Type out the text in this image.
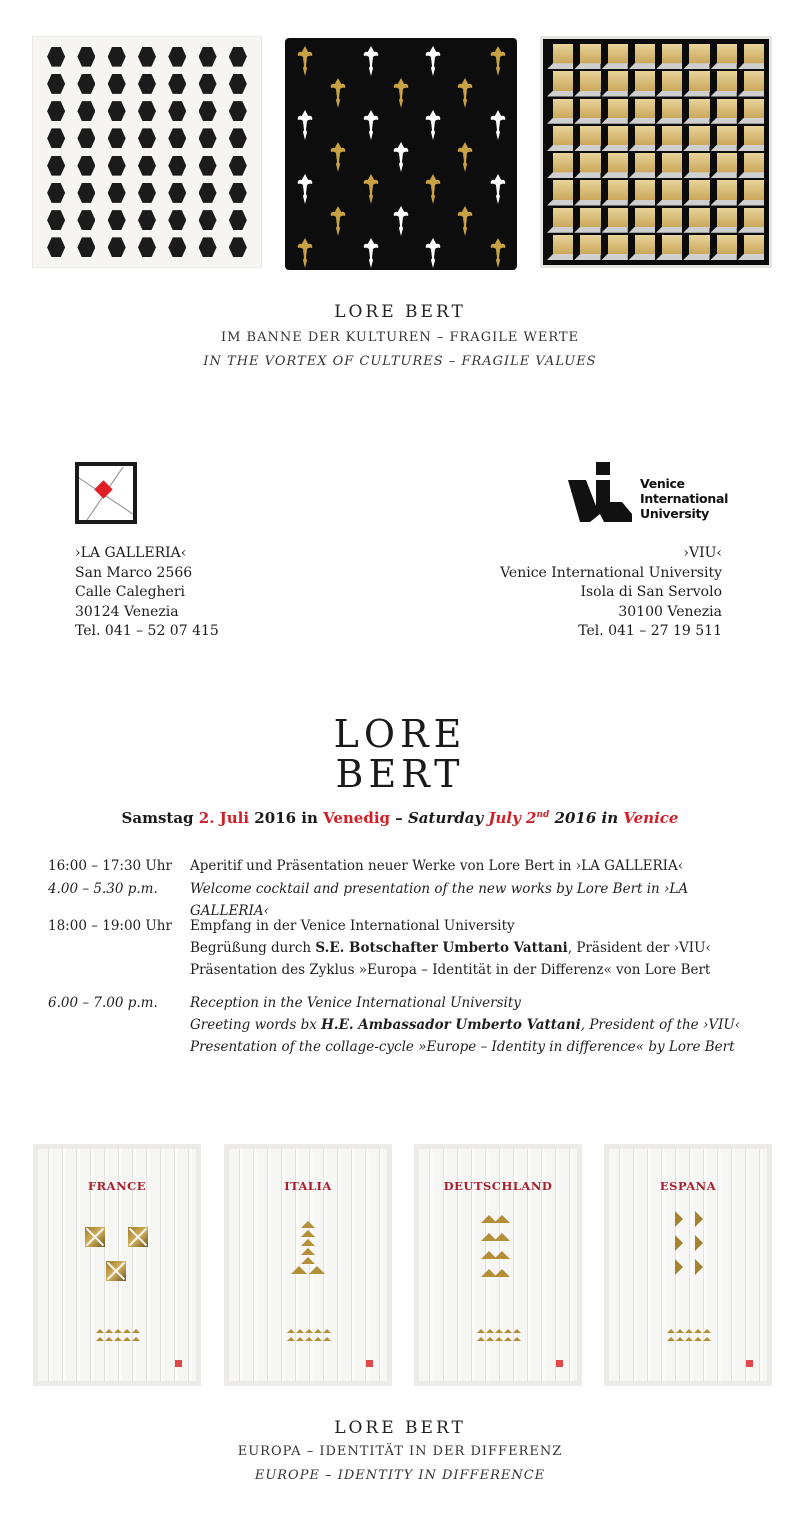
LORE BERT
IM BANNE DER KULTUREN – FRAGILE WERTE
IN THE VORTEX OF CULTURES – FRAGILE VALUES
›LA GALLERIA‹
San Marco 2566
Calle Calegheri
30124 Venezia
Tel. 041 – 52 07 415
Venice
International
University
›VIU‹
Venice International University
Isola di San Servolo
30100 Venezia
Tel. 041 – 27 19 511
LORE
BERT
Samstag 2. Juli 2016 in Venedig – Saturday July 2nd 2016 in Venice
16:00 – 17:30 Uhr	Aperitif und Präsentation neuer Werke von Lore Bert in ›LA GALLERIA‹
4.00 – 5.30 p.m.	Welcome cocktail and presentation of the new works by Lore Bert in ›LA GALLERIA‹
18:00 – 19:00 Uhr	Empfang in der Venice International University
Begrüßung durch S.E. Botschafter Umberto Vattani, Präsident der ›VIU‹
Präsentation des Zyklus »Europa – Identität in der Differenz« von Lore Bert
6.00 – 7.00 p.m.	Reception in the Venice International University
Greeting words bx H.E. Ambassador Umberto Vattani, President of the ›VIU‹
Presentation of the collage-cycle »Europe – Identity in difference« by Lore Bert
FRANCE	ITALIA	DEUTSCHLAND	ESPANA
LORE BERT
EUROPA – IDENTITÄT IN DER DIFFERENZ
EUROPE – IDENTITY IN DIFFERENCE
